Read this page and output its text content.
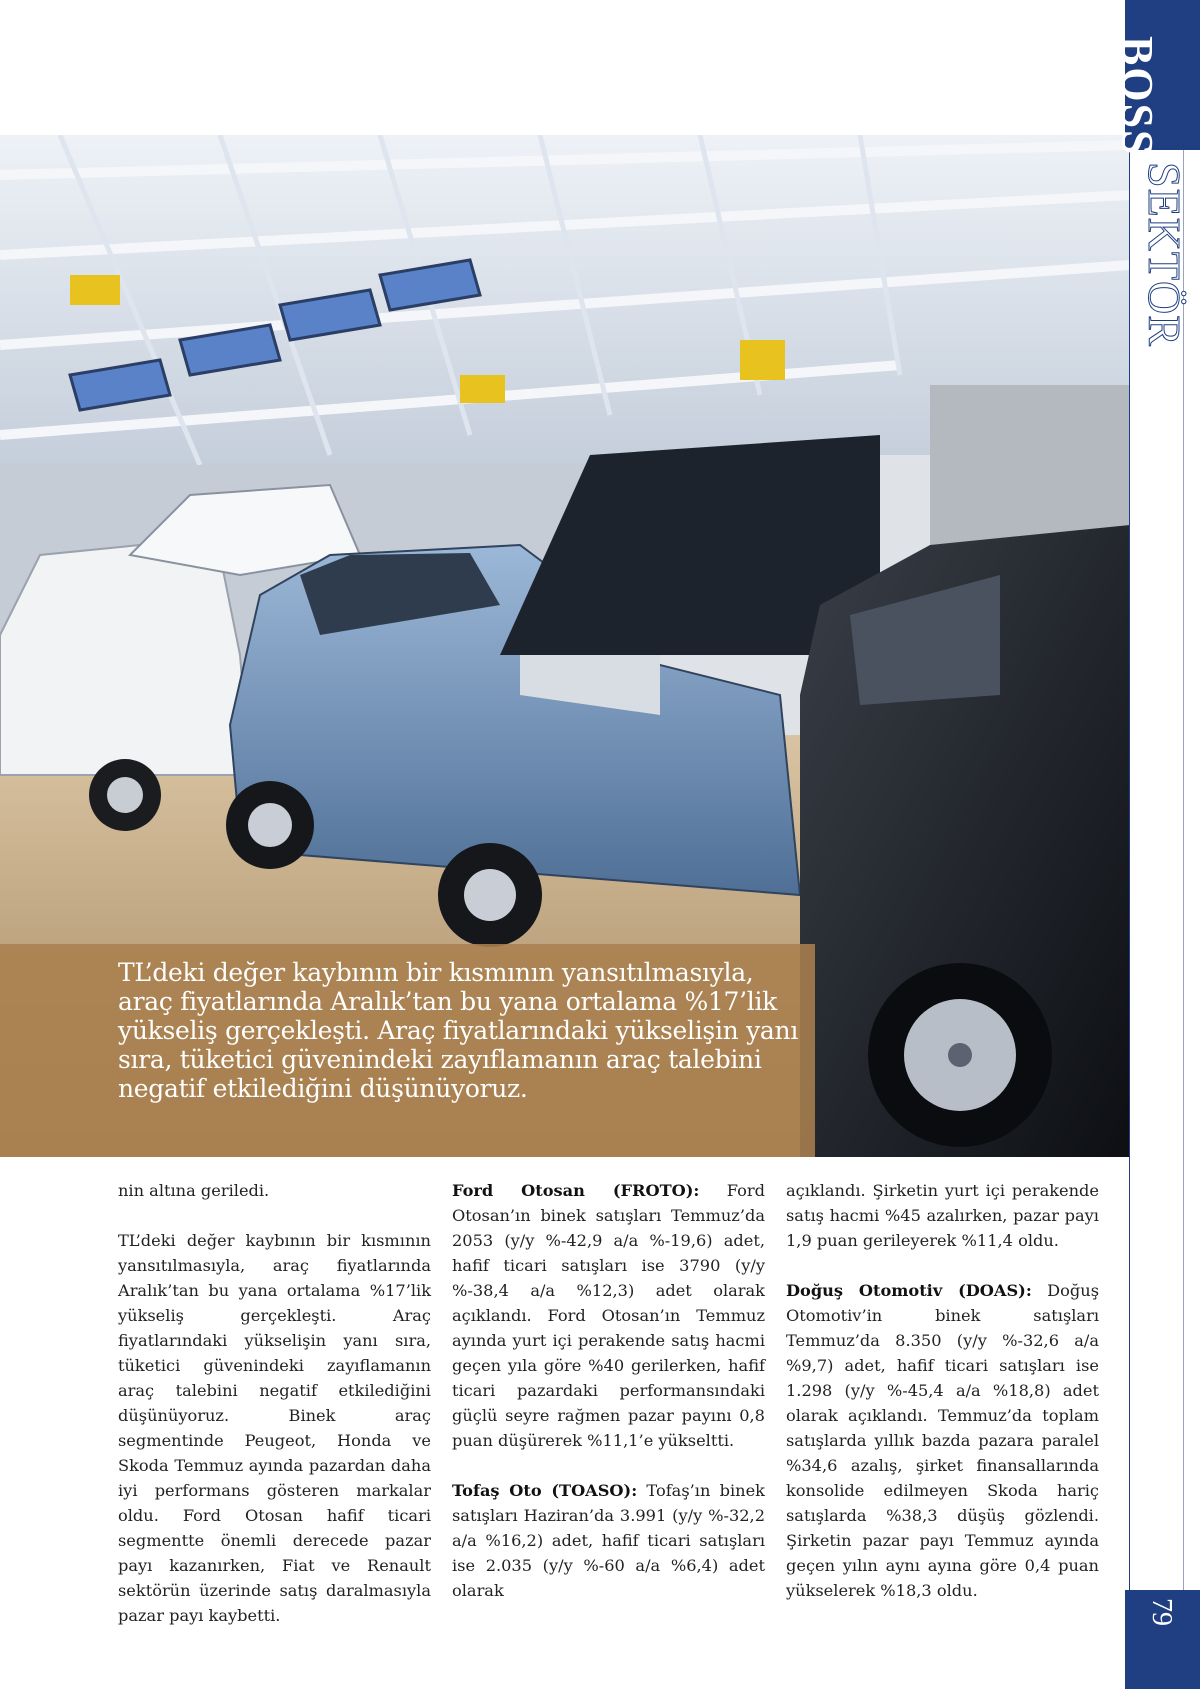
TL’deki değer kaybının bir kısmının yansıtılmasıyla, araç fiyatlarında Aralık’tan bu yana ortalama %17’lik yükseliş gerçekleşti. Araç fiyatlarındaki yükselişin yanı sıra, tüketici güvenindeki zayıflamanın araç talebini negatif etkilediğini düşünüyoruz.
BOSS
SEKTÖR
79

nin altına geriledi.

TL’deki değer kaybının bir kısmının yansıtılmasıyla, araç fiyatlarında Aralık’tan bu yana ortalama %17’lik yükseliş gerçekleşti. Araç fiyatlarındaki yükselişin yanı sıra, tüketici güvenindeki zayıflamanın araç talebini negatif etkilediğini düşünüyoruz. Binek araç segmentinde Peugeot, Honda ve Skoda Temmuz ayında pazardan daha iyi performans gösteren markalar oldu. Ford Otosan hafif ticari segmentte önemli derecede pazar payı kazanırken, Fiat ve Renault sektörün üzerinde satış daralmasıyla pazar payı kaybetti.

Ford Otosan (FROTO): Ford Otosan’ın binek satışları Temmuz’da 2053 (y/y %-42,9 a/a %-19,6) adet, hafif ticari satışları ise 3790 (y/y %-38,4 a/a %12,3) adet olarak açıklandı. Ford Otosan’ın Temmuz ayında yurt içi perakende satış hacmi geçen yıla göre %40 gerilerken, hafif ticari pazardaki performansındaki güçlü seyre rağmen pazar payını 0,8 puan düşürerek %11,1’e yükseltti.

Tofaş Oto (TOASO): Tofaş’ın binek satışları Haziran’da 3.991 (y/y %-32,2 a/a %16,2) adet, hafif ticari satışları ise 2.035 (y/y %-60 a/a %6,4) adet olarak

açıklandı. Şirketin yurt içi perakende satış hacmi %45 azalırken, pazar payı 1,9 puan gerileyerek %11,4 oldu.

Doğuş Otomotiv (DOAS): Doğuş Otomotiv’in binek satışları Temmuz’da 8.350 (y/y %-32,6 a/a %9,7) adet, hafif ticari satışları ise 1.298 (y/y %-45,4 a/a %18,8) adet olarak açıklandı. Temmuz’da toplam satışlarda yıllık bazda pazara paralel %34,6 azalış, şirket finansallarında konsolide edilmeyen Skoda hariç satışlarda %38,3 düşüş gözlendi. Şirketin pazar payı Temmuz ayında geçen yılın aynı ayına göre 0,4 puan yükselerek %18,3 oldu.
